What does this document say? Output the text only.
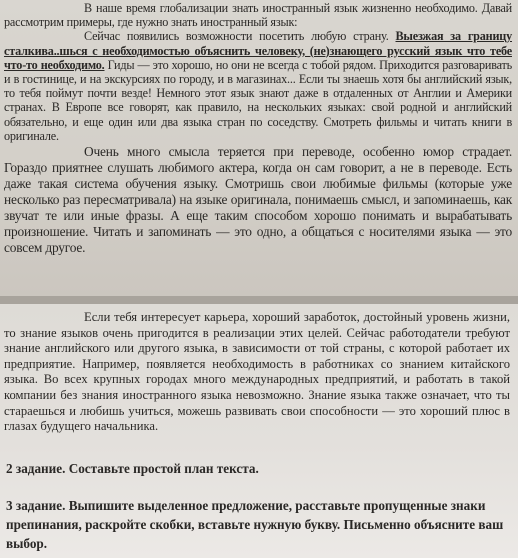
В наше время глобализации знать иностранный язык жизненно необходимо. Давай рассмотрим примеры, где нужно знать иностранный язык:

Сейчас появились возможности посетить любую страну. Выезжая за границу сталкива..шься с необходимостью объяснить человеку, (не)знающего русский язык что тебе что-то необходимо. Гиды — это хорошо, но они не всегда с тобой рядом. Приходится разговаривать и в гостинице, и на экскурсиях по городу, и в магазинах... Если ты знаешь хотя бы английский язык, то тебя поймут почти везде! Немного этот язык знают даже в отдаленных от Англии и Америки странах. В Европе все говорят, как правило, на нескольких языках: свой родной и английский обязательно, и еще один или два языка стран по соседству. Смотреть фильмы и читать книги в оригинале.

Очень много смысла теряется при переводе, особенно юмор страдает. Гораздо приятнее слушать любимого актера, когда он сам говорит, а не в переводе. Есть даже такая система обучения языку. Смотришь свои любимые фильмы (которые уже несколько раз пересматривала) на языке оригинала, понимаешь смысл, и запоминаешь, как звучат те или иные фразы. А еще таким способом хорошо понимать и вырабатывать произношение. Читать и запоминать — это одно, а общаться с носителями языка — это совсем другое.

Если тебя интересует карьера, хороший заработок, достойный уровень жизни, то знание языков очень пригодится в реализации этих целей. Сейчас работодатели требуют знание английского или другого языка, в зависимости от той страны, с которой работает их предприятие. Например, появляется необходимость в работниках со знанием китайского языка. Во всех крупных городах много международных предприятий, и работать в такой компании без знания иностранного языка невозможно. Знание языка также означает, что ты стараешься и любишь учиться, можешь развивать свои способности — это хороший плюс в глазах будущего начальника.

2 задание. Составьте простой план текста.

3 задание. Выпишите выделенное предложение, расставьте пропущенные знаки препинания, раскройте скобки, вставьте нужную букву. Письменно объясните ваш выбор.
